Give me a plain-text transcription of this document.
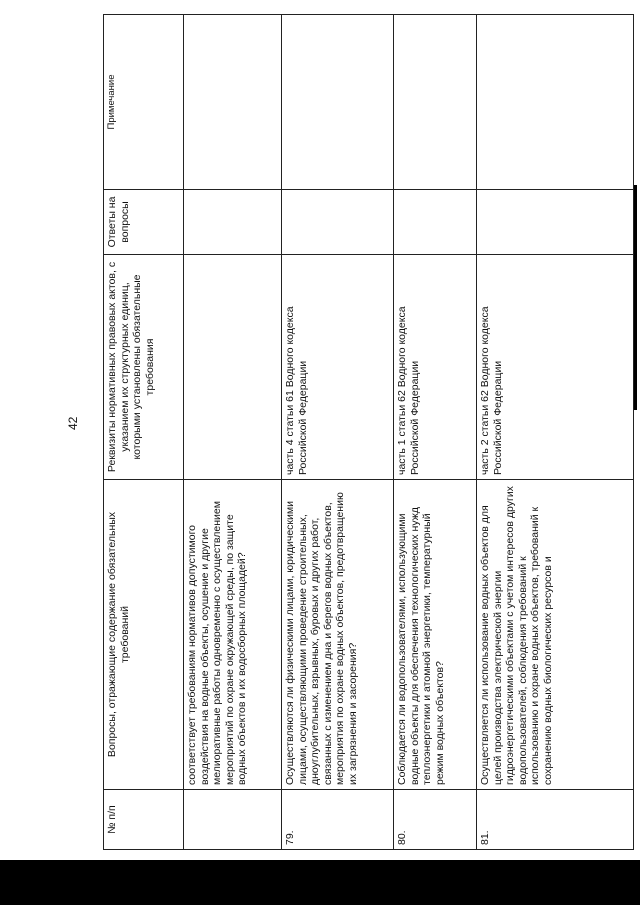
42
№ п/п	Вопросы, отражающие содержание обязательных требований	Реквизиты нормативных правовых актов, с указанием их структурных единиц, которыми установлены обязательные требования	Ответы на вопросы	Примечание
	соответствует требованиям нормативов допустимого воздействия на водные объекты, осушение и другие мелиоративные работы одновременно с осуществлением мероприятий по охране окружающей среды, по защите водных объектов и их водосборных площадей?			
79.	Осуществляются ли физическими лицами, юридическими лицами, осуществляющими проведение строительных, дноуглубительных, взрывных, буровых и других работ, связанных с изменением дна и берегов водных объектов, мероприятия по охране водных объектов, предотвращению их загрязнения и засорения?	часть 4 статьи 61 Водного кодекса Российской Федерации		
80.	Соблюдается ли водопользователями, использующими водные объекты для обеспечения технологических нужд теплоэнергетики и атомной энергетики, температурный режим водных объектов?	часть 1 статьи 62 Водного кодекса Российской Федерации		
81.	Осуществляется ли использование водных объектов для целей производства электрической энергии гидроэнергетическими объектами с учетом интересов других водопользователей, соблюдения требований к использованию и охране водных объектов, требований к сохранению водных биологических ресурсов и	часть 2 статьи 62 Водного кодекса Российской Федерации		
